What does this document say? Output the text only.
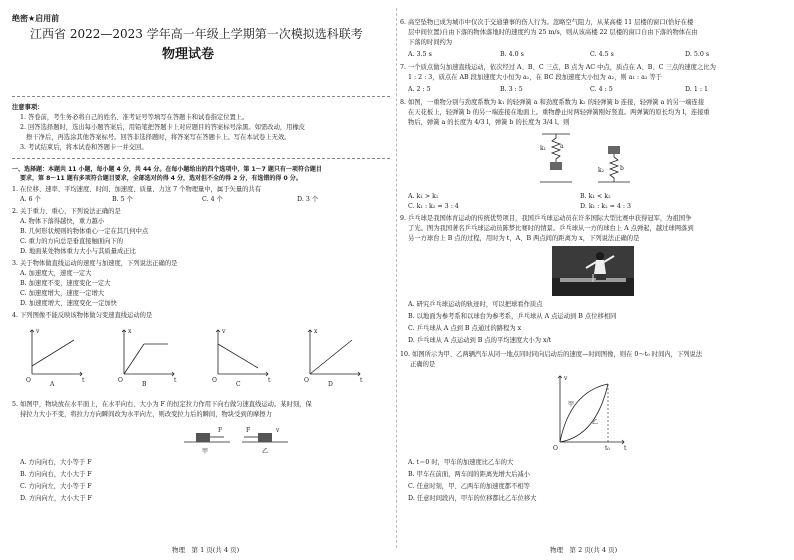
绝密★启用前
江西省 2022—2023 学年高一年级上学期第一次模拟选科联考
物理试卷
注意事项：
1. 答卷前，考生务必将自己的姓名、准考证号等填写在答题卡和试卷指定位置上。
2. 回答选择题时，选出每小题答案后，用铅笔把答题卡上对应题目的答案标号涂黑。如需改动，用橡皮
擦干净后，再选涂其他答案标号。回答非选择题时，将答案写在答题卡上。写在本试卷上无效。
3. 考试结束后，将本试卷和答题卡一并交回。
一、选择题：本题共 11 小题，每小题 4 分，共 44 分。在每小题给出的四个选项中，第 1～7 题只有一项符合题目
要求，第 8～11 题有多项符合题目要求，全部选对的得 4 分，选对但不全的得 2 分，有选错的得 0 分。
1. 在位移、速率、平均速度、时间、加速度、质量、力这 7 个物理量中，属于矢量的共有
A. 6 个	B. 5 个	C. 4 个	D. 3 个
2. 关于重力、重心，下列说法正确的是
A. 物体下落得越快，重力越小
B. 几何形状规则的物体重心一定在其几何中点
C. 重力的方向总是垂直接触面向下的
D. 地面某处物体重力大小与其质量成正比
3. 关于物体做直线运动的速度与加速度，下列说法正确的是
A. 加速度大，速度一定大
B. 加速度不变，速度变化一定大
C. 加速度增大，速度一定增大
D. 加速度增大，速度变化一定加快
4. 下列图像不能反映该物体做匀变速直线运动的是
v
t
O
A
x
t
O
B
v
t
O
C
x
t
O
D
5. 如图甲，物块放在水平面上，在水平向右、大小为 F 的恒定拉力作用下向右做匀速直线运动。某时刻，保
持拉力大小不变，将拉力方向瞬间改为水平向左，则改变拉力后的瞬间，物块受到的摩擦力
F
甲
F	v
乙
A. 方向向右，大小等于 F
B. 方向向右，大小大于 F
C. 方向向左，大小等于 F
D. 方向向左，大小大于 F
物理　第 1 页(共 4 页)
6. 高空坠物已成为城市中仅次于交通肇事的伤人行为。忽略空气阻力，从某高楼 11 层楼的窗口(恰好在楼
层中间位置)自由下落的物体落地时的速度约为 25 m/s，则从该高楼 22 层楼的窗口自由下落的物体在由
下落的时间约为
A. 3.5 s	B. 4.0 s	C. 4.5 s	D. 5.0 s
7. 一个质点做匀加速直线运动，依次经过 A、B、C 三点，B 点为 AC 中点，质点在 A、B、C 三点的速度之比为
1 : 2 : 3，质点在 AB 段加速度大小恒为 a₁，在 BC 段加速度大小恒为 a₂，则 a₁ : a₂ 等于
A. 2 : 5	B. 3 : 5	C. 4 : 5	D. 1 : 1
8. 如图，一重物分别与劲度系数为 k₁ 的轻弹簧 a 和劲度系数为 k₂ 的轻弹簧 b 连接，轻弹簧 a 的另一端连接
在天花板上，轻弹簧 b 的另一端连接在地面上。重物静止时两轻弹簧刚好竖直。两弹簧的原长均为 l，连接重
物后，弹簧 a 的长度为 4/3 l，弹簧 b 的长度为 3/4 l。则
a
k₁
b
k₂
A. k₁ > k₂	B. k₁ < k₂
C. k₁ : k₂ = 3 : 4	D. k₁ : k₂ = 4 : 3
9. 乒乓球是我国体育运动的传统优势项目，我国乒乓球运动员在许多国际大型比赛中获得冠军，为祖国争
了光。图为我国著名乒乓球运动员陈梦比赛时的情景。乒乓球从一方的球台上 A 点弹起，越过球网落到
另一方球台上 B 点的过程，用时为 t，A、B 两点间的距离为 x，下列说法正确的是
A. 研究乒乓球运动的轨迹时，可以把球看作质点
B. 以地面为参考系和以球台为参考系，乒乓球从 A 点运动到 B 点位移相同
C. 乒乓球从 A 点到 B 点通过的路程为 x
D. 乒乓球从 A 点运动到 B 点的平均速度大小为 x/t
10. 如图所示为甲、乙两辆汽车从同一地点同时同向启动后的速度—时间图像，则在 0～t₀ 时间内，下列说法
正确的是
甲
乙
v
t
t₀
O
A. t＝0 时，甲车的加速度比乙车的大
B. 甲车在前面，两车间的距离先增大后减小
C. 任意时刻，甲、乙两车的加速度都不相等
D. 任意时间段内，甲车的位移都比乙车位移大
物理　第 2 页(共 4 页)
